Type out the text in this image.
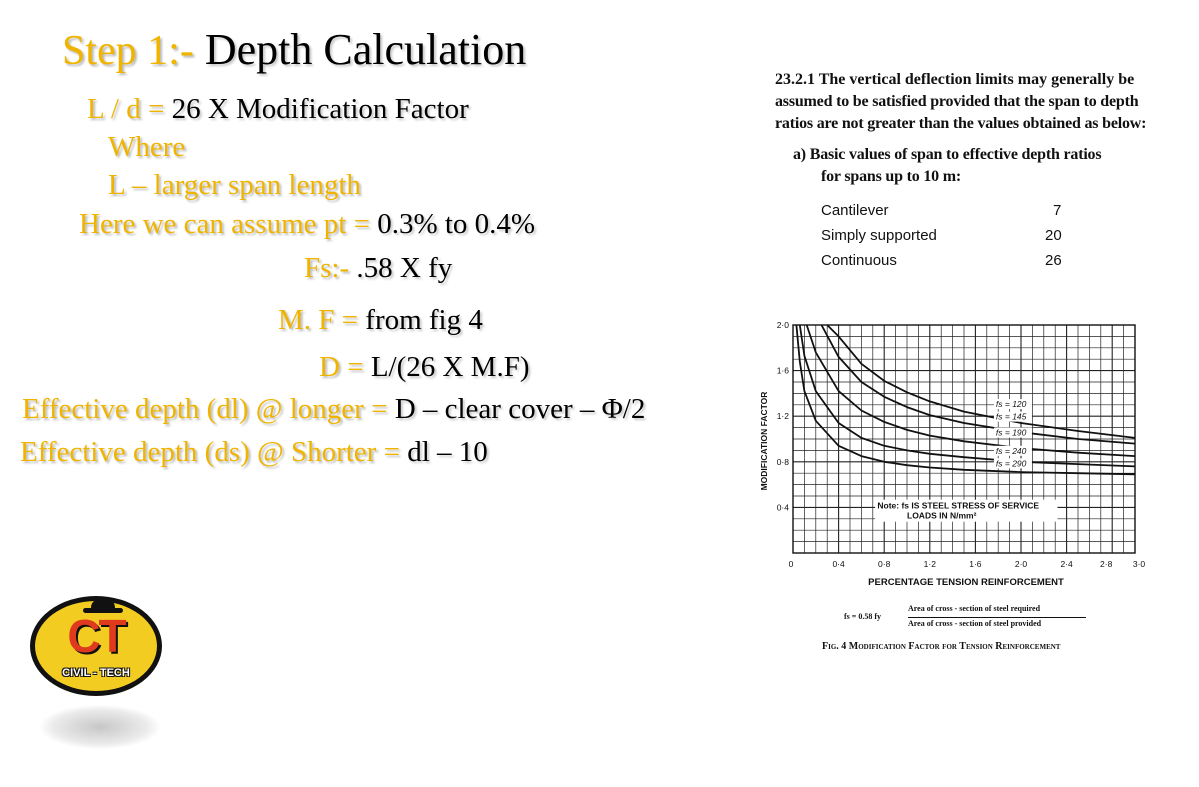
Step 1:- Depth Calculation
L / d = 26 X Modification Factor
Where
L – larger span length
Here we can assume pt = 0.3% to 0.4%
Fs:- .58 X fy
M. F = from fig 4
D = L/(26 X M.F)
Effective depth (dl) @ longer = D – clear cover – Φ/2
Effective depth (ds) @ Shorter = dl – 10
23.2.1 The vertical deflection limits may generally be
assumed to be satisfied provided that the span to depth
ratios are not greater than the values obtained as below:
a) Basic values of span to effective depth ratios
for spans up to 10 m:
Cantilever	7
Simply supported	20
Continuous	26
0·4
0·8
1·2
1·6
2·0
0	0·4	0·8	1·2	1·6	2·0	2·4	2·8 3·0
fs = 120
fs = 145
fs = 190
fs = 240
fs = 290
Note: fs IS STEEL STRESS OF SERVICE
LOADS IN N/mm²
MODIFICATION FACTOR
PERCENTAGE TENSION REINFORCEMENT
fs = 0.58 fy
Area of cross - section of steel required
Area of cross - section of steel provided
Fig. 4 Modification Factor for Tension Reinforcement
CT
CIVIL - TECH
